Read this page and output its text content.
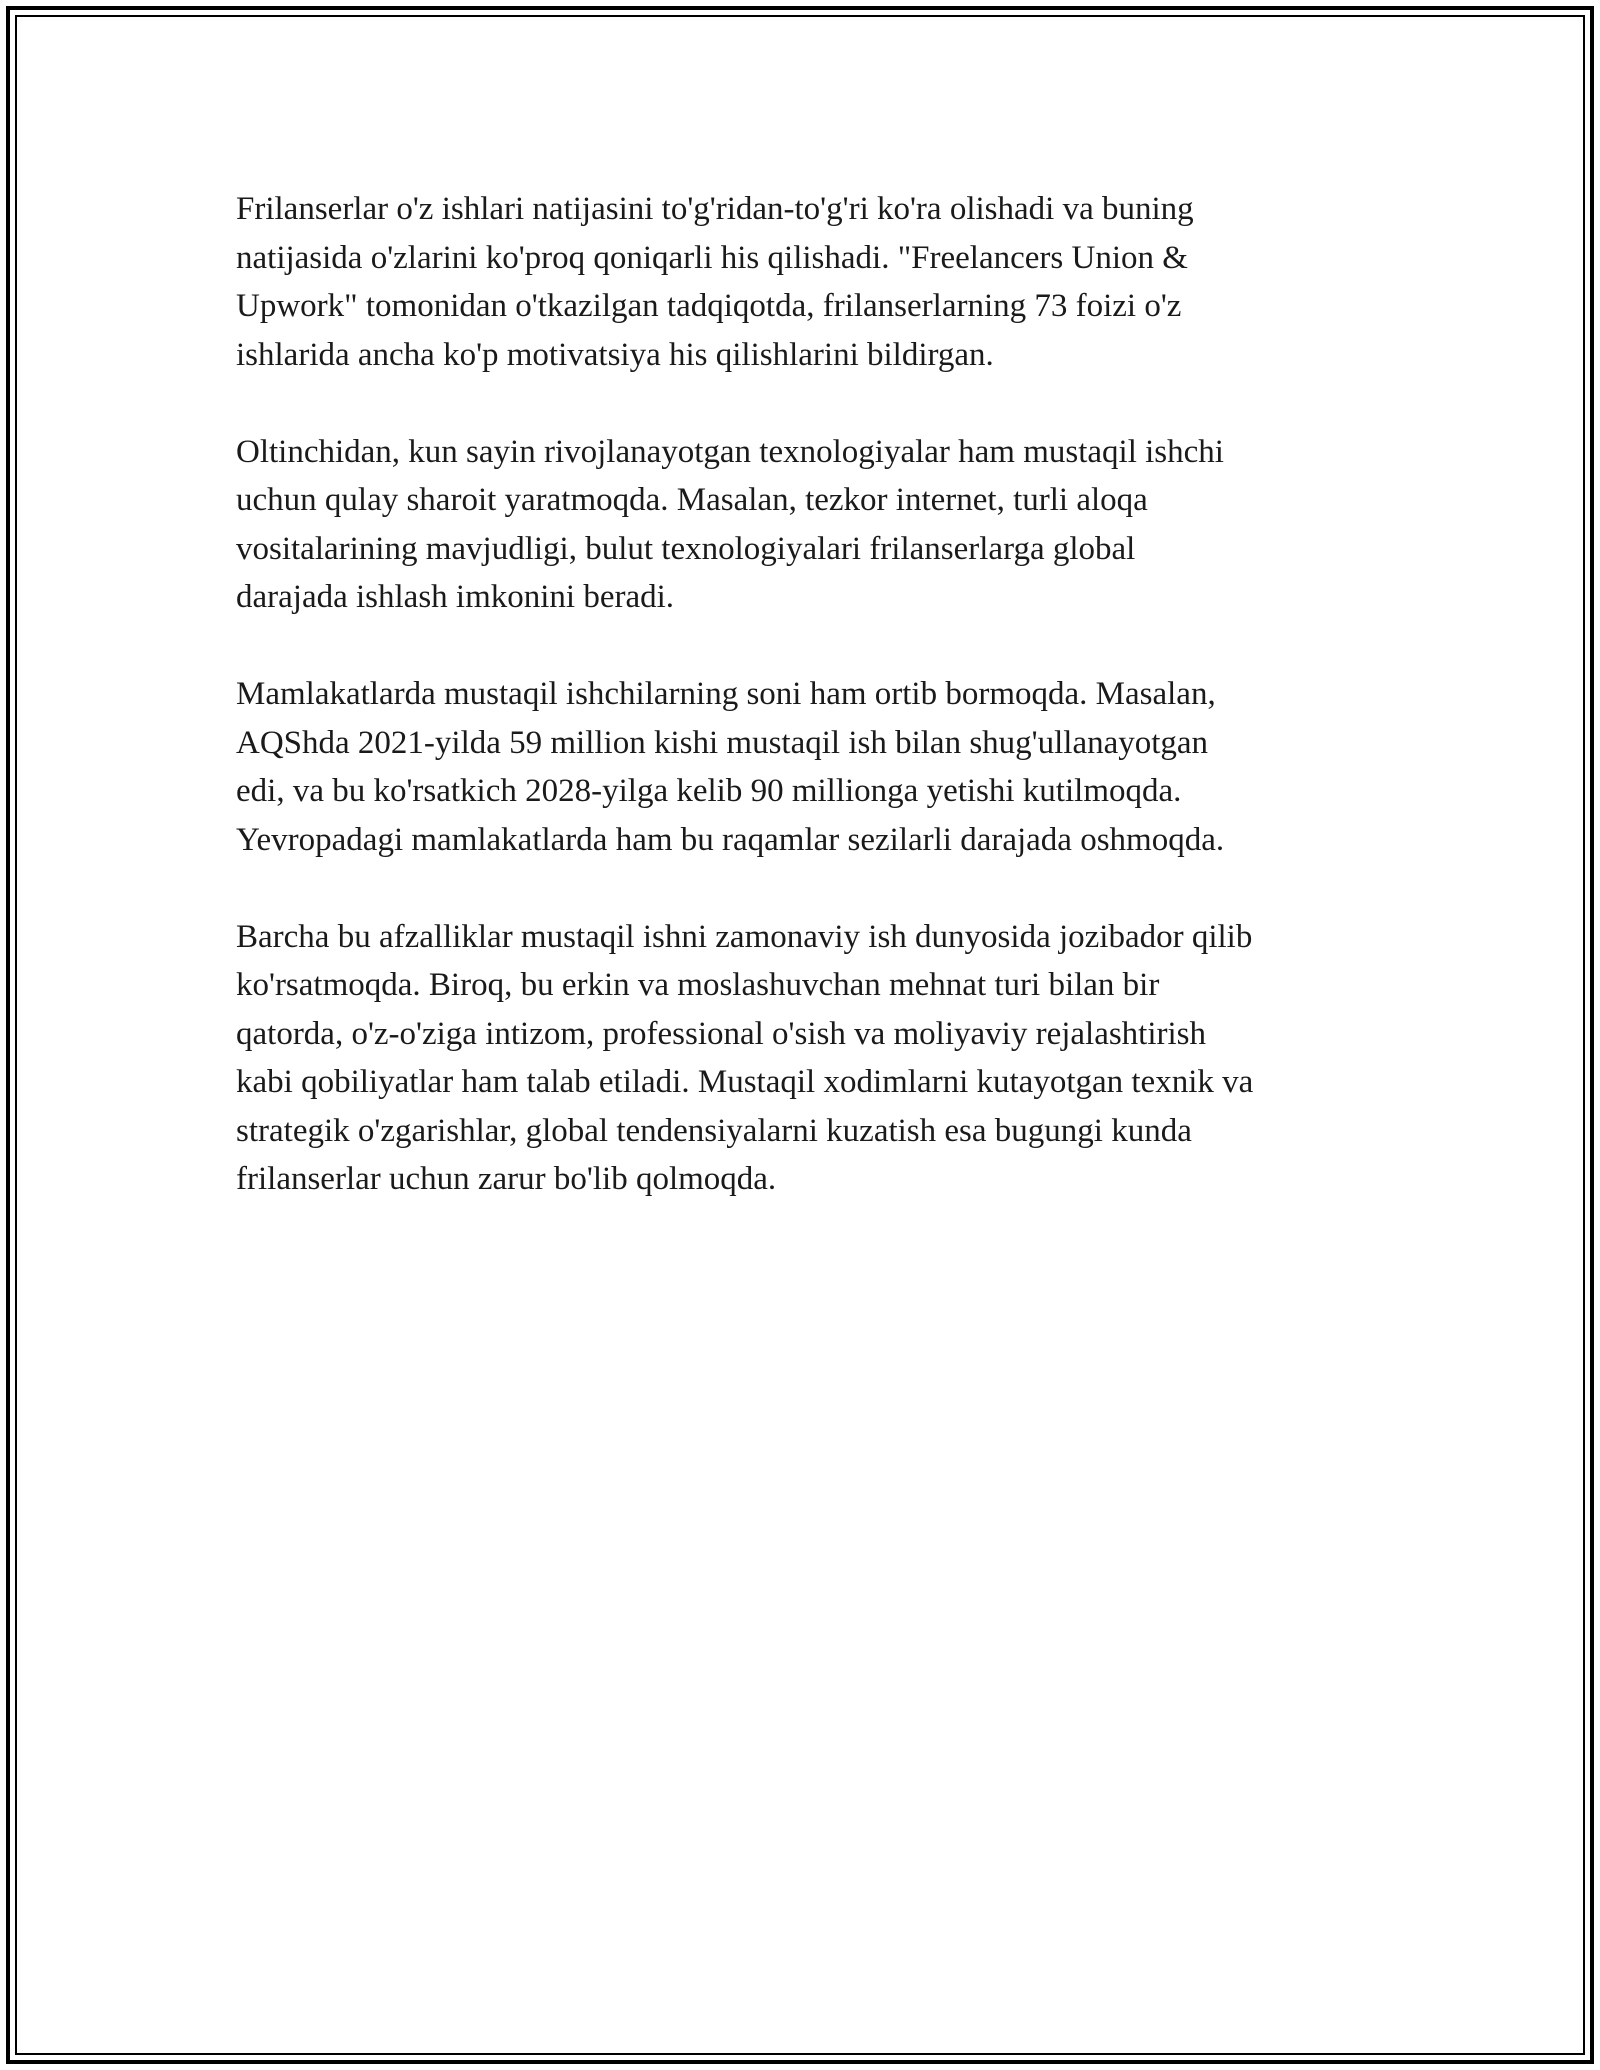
Frilanserlar o'z ishlari natijasini to'g'ridan-to'g'ri ko'ra olishadi va buning
natijasida o'zlarini ko'proq qoniqarli his qilishadi. "Freelancers Union &
Upwork" tomonidan o'tkazilgan tadqiqotda, frilanserlarning 73 foizi o'z
ishlarida ancha ko'p motivatsiya his qilishlarini bildirgan.

Oltinchidan, kun sayin rivojlanayotgan texnologiyalar ham mustaqil ishchi
uchun qulay sharoit yaratmoqda. Masalan, tezkor internet, turli aloqa
vositalarining mavjudligi, bulut texnologiyalari frilanserlarga global
darajada ishlash imkonini beradi.

Mamlakatlarda mustaqil ishchilarning soni ham ortib bormoqda. Masalan,
AQShda 2021-yilda 59 million kishi mustaqil ish bilan shug'ullanayotgan
edi, va bu ko'rsatkich 2028-yilga kelib 90 millionga yetishi kutilmoqda.
Yevropadagi mamlakatlarda ham bu raqamlar sezilarli darajada oshmoqda.

Barcha bu afzalliklar mustaqil ishni zamonaviy ish dunyosida jozibador qilib
ko'rsatmoqda. Biroq, bu erkin va moslashuvchan mehnat turi bilan bir
qatorda, o'z-o'ziga intizom, professional o'sish va moliyaviy rejalashtirish
kabi qobiliyatlar ham talab etiladi. Mustaqil xodimlarni kutayotgan texnik va
strategik o'zgarishlar, global tendensiyalarni kuzatish esa bugungi kunda
frilanserlar uchun zarur bo'lib qolmoqda.
